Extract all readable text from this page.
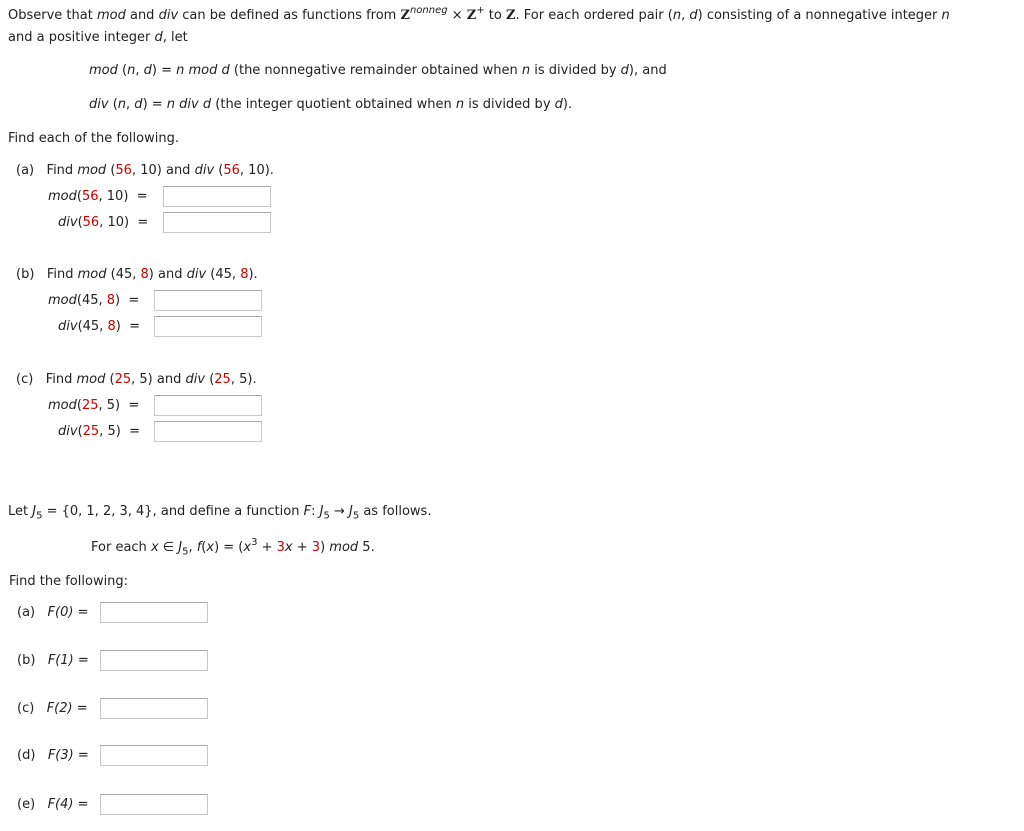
Observe that mod and div can be defined as functions from $Z^{nonneg} \times Z^+$ to Z. For each ordered pair (n, d) consisting of a nonnegative integer n
and a positive integer d, let
mod (n, d) = n mod d (the nonnegative remainder obtained when n is divided by d), and
div (n, d) = n div d (the integer quotient obtained when n is divided by d).
Find each of the following.
(a) Find mod (56, 10) and div (56, 10).
mod(56, 10) =
div(56, 10) =
(b) Find mod (45, 8) and div (45, 8).
mod(45, 8) =
div(45, 8) =
(c) Find mod (25, 5) and div (25, 5).
mod(25, 5) =
div(25, 5) =
Let $J_5 = \{0$, 1, 2, 3, 4}, and define a function F: $J_5 \to J_5$ as follows.
For each x ∈ $J_5$, $f(x) = (x^3 + 3x + 3)$ mod 5.
Find the following:
(a) F(0) =
(b) F(1) =
(c) F(2) =
(d) F(3) =
(e) F(4) =
